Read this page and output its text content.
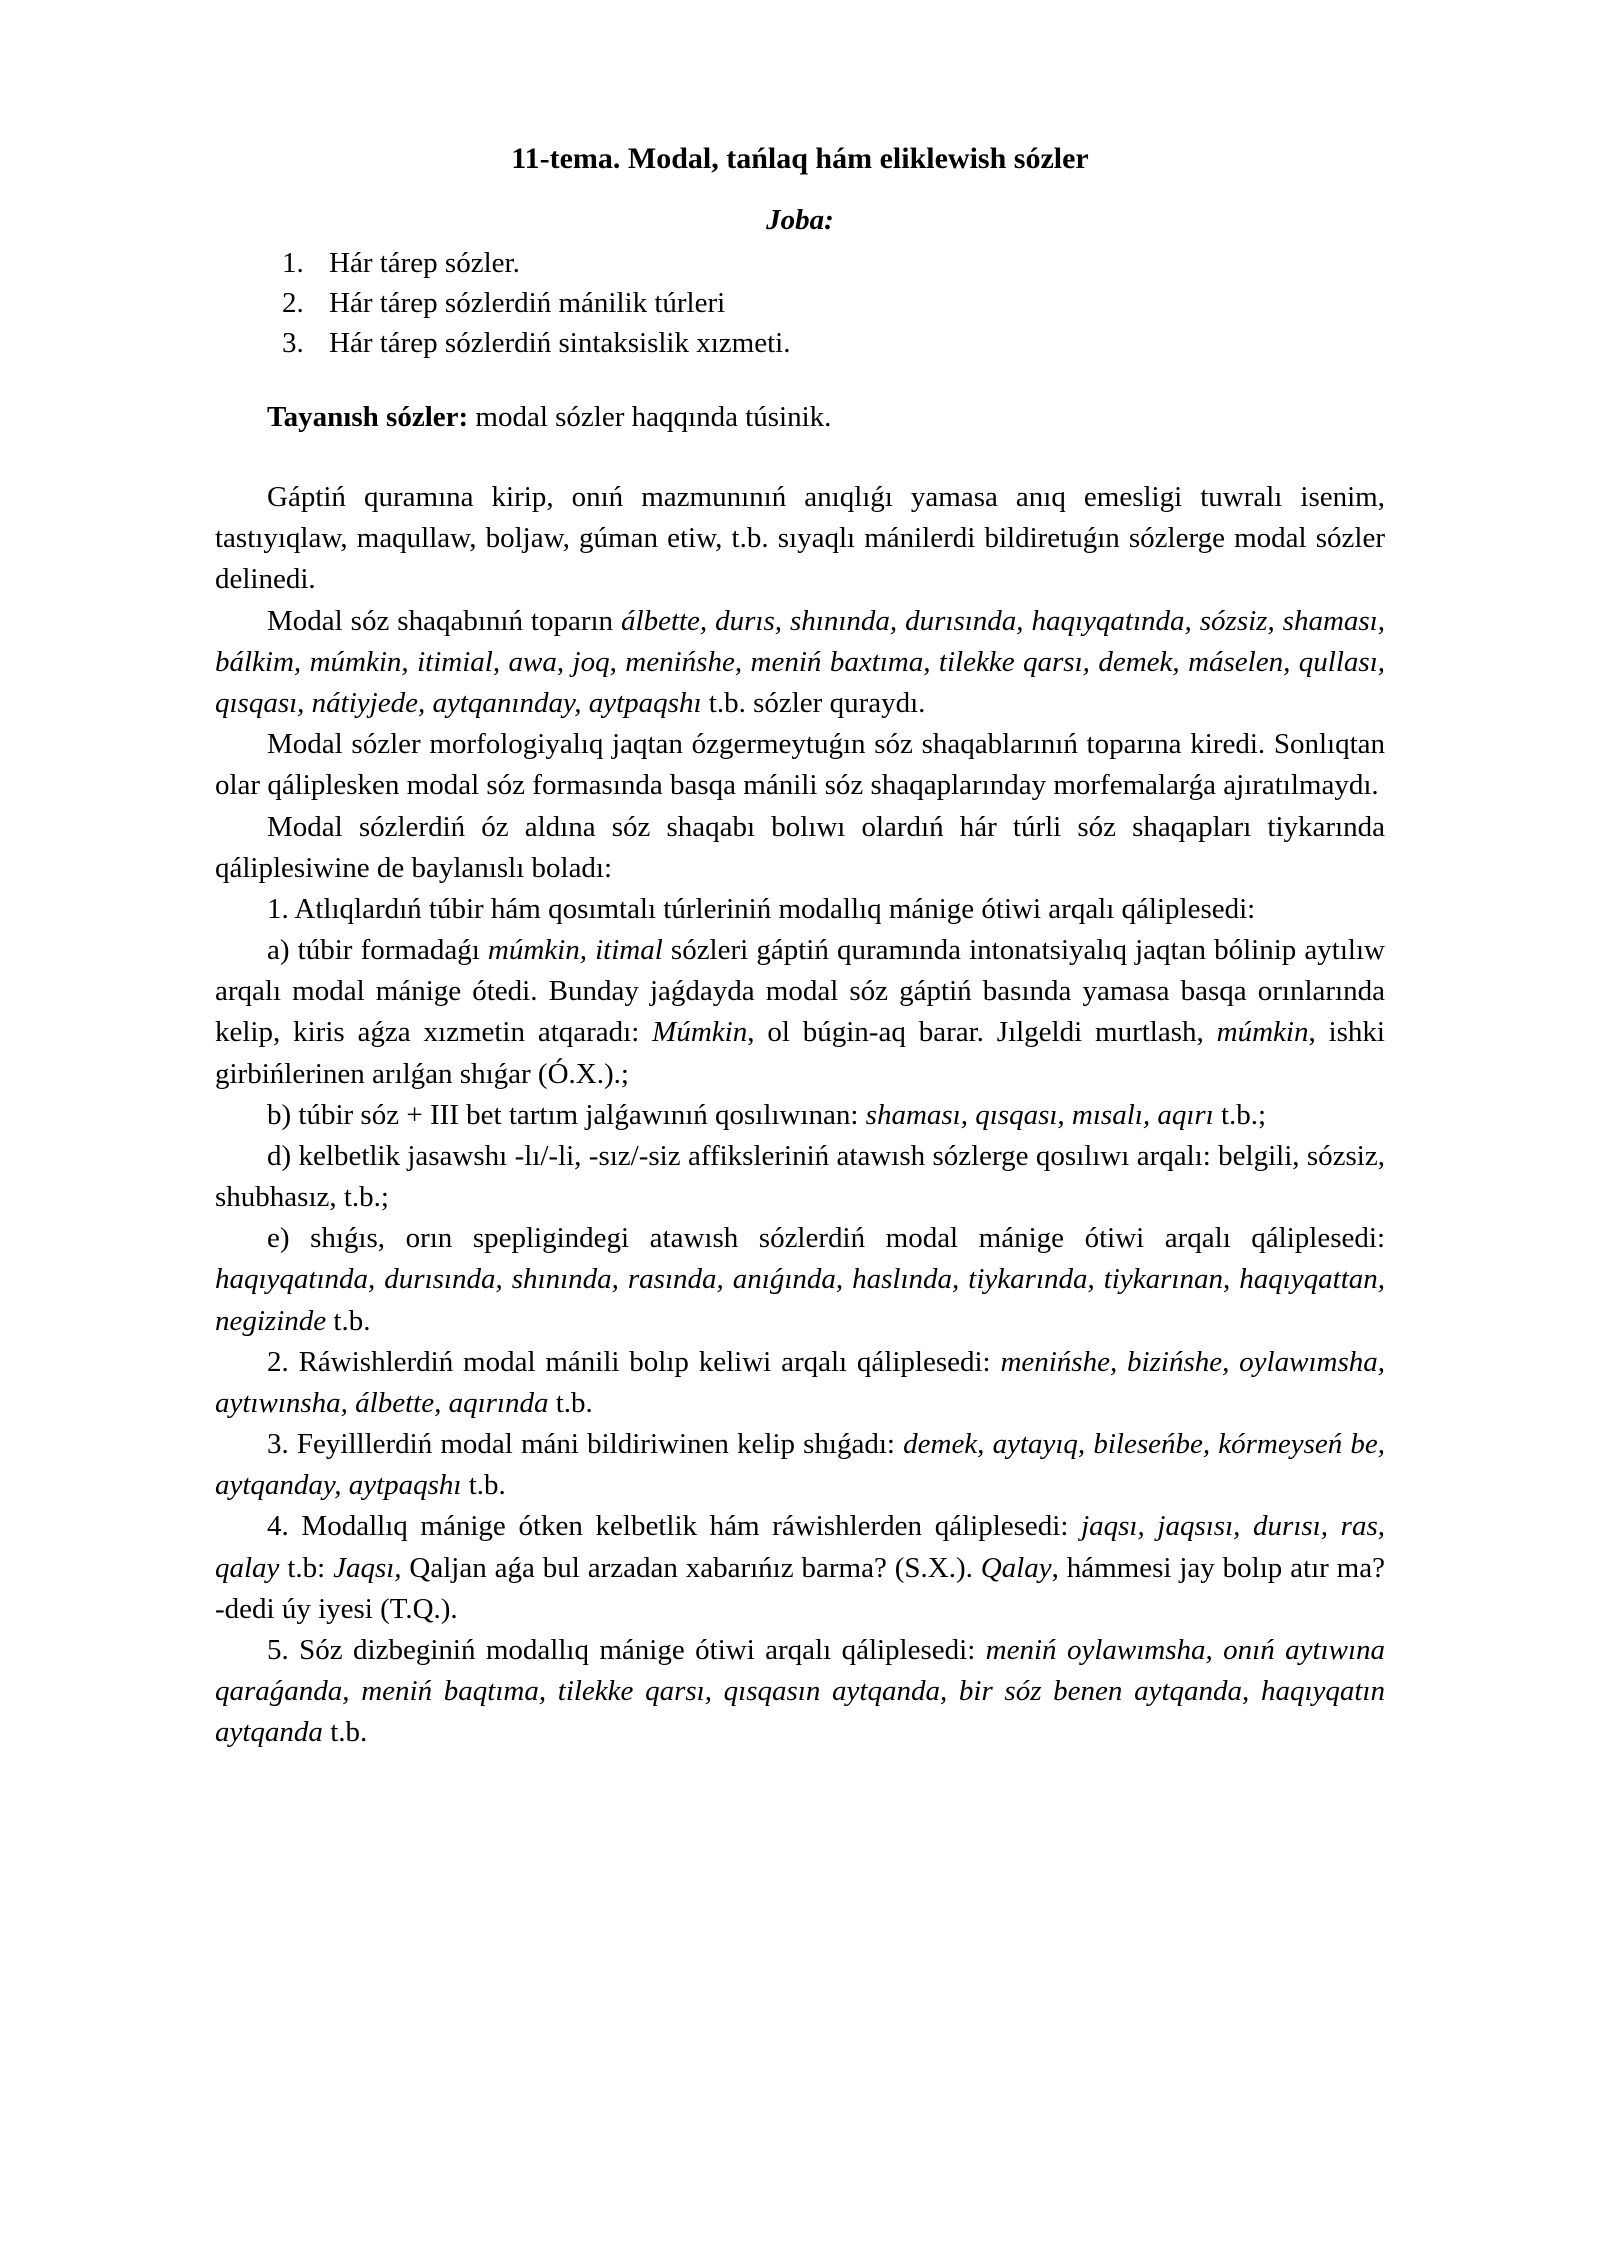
11-tema. Modal, tańlaq hám eliklewish sózler
Joba:
1. Hár tárep sózler.
2. Hár tárep sózlerdiń mánilik túrleri
3. Hár tárep sózlerdiń sintaksislik xızmeti.
Tayanısh sózler: modal sózler haqqında túsinik.

Gáptiń quramına kirip, onıń mazmunınıń anıqlıǵı yamasa anıq emesligi tuwralı isenim, tastıyıqlaw, maqullaw, boljaw, gúman etiw, t.b. sıyaqlı mánilerdi bildiretuǵın sózlerge modal sózler delinedi.

Modal sóz shaqabınıń toparın álbette, durıs, shınında, durısında, haqıyqatında, sózsiz, shaması, bálkim, múmkin, itimial, awa, joq, menińshe, meniń baxtıma, tilekke qarsı, demek, máselen, qullası, qısqası, nátiyjede, aytqanınday, aytpaqshı t.b. sózler quraydı.

Modal sózler morfologiyalıq jaqtan ózgermeytuǵın sóz shaqablarınıń toparına kiredi. Sonlıqtan olar qáliplesken modal sóz formasında basqa mánili sóz shaqaplarınday morfemalarǵa ajıratılmaydı.

Modal sózlerdiń óz aldına sóz shaqabı bolıwı olardıń hár túrli sóz shaqapları tiykarında qáliplesiwine de baylanıslı boladı:

1. Atlıqlardıń túbir hám qosımtalı túrleriniń modallıq mánige ótiwi arqalı qáliplesedi:

a) túbir formadaǵı múmkin, itimal sózleri gáptiń quramında intonatsiyalıq jaqtan bólinip aytılıw arqalı modal mánige ótedi. Bunday jaǵdayda modal sóz gáptiń basında yamasa basqa orınlarında kelip, kiris aǵza xızmetin atqaradı: Múmkin, ol búgin-aq barar. Jılgeldi murtlash, múmkin, ishki girbińlerinen arılǵan shıǵar (Ó.X.).;

b) túbir sóz + III bet tartım jalǵawınıń qosılıwınan: shaması, qısqası, mısalı, aqırı t.b.;

d) kelbetlik jasawshı -lı/-li, -sız/-siz affiksleriniń atawısh sózlerge qosılıwı arqalı: belgili, sózsiz, shubhasız, t.b.;

e) shıǵıs, orın spepligindegi atawısh sózlerdiń modal mánige ótiwi arqalı qáliplesedi: haqıyqatında, durısında, shınında, rasında, anıǵında, haslında, tiykarında, tiykarınan, haqıyqattan, negizinde t.b.

2. Ráwishlerdiń modal mánili bolıp keliwi arqalı qáliplesedi: menińshe, bizińshe, oylawımsha, aytıwınsha, álbette, aqırında t.b.

3. Feyilllerdiń modal máni bildiriwinen kelip shıǵadı: demek, aytayıq, bileseńbe, kórmeyseń be, aytqanday, aytpaqshı t.b.

4. Modallıq mánige ótken kelbetlik hám ráwishlerden qáliplesedi: jaqsı, jaqsısı, durısı, ras, qalay t.b: Jaqsı, Qaljan aǵa bul arzadan xabarıńız barma? (S.X.). Qalay, hámmesi jay bolıp atır ma? -dedi úy iyesi (T.Q.).

5. Sóz dizbeginiń modallıq mánige ótiwi arqalı qáliplesedi: meniń oylawımsha, onıń aytıwına qaraǵanda, meniń baqtıma, tilekke qarsı, qısqasın aytqanda, bir sóz benen aytqanda, haqıyqatın aytqanda t.b.
